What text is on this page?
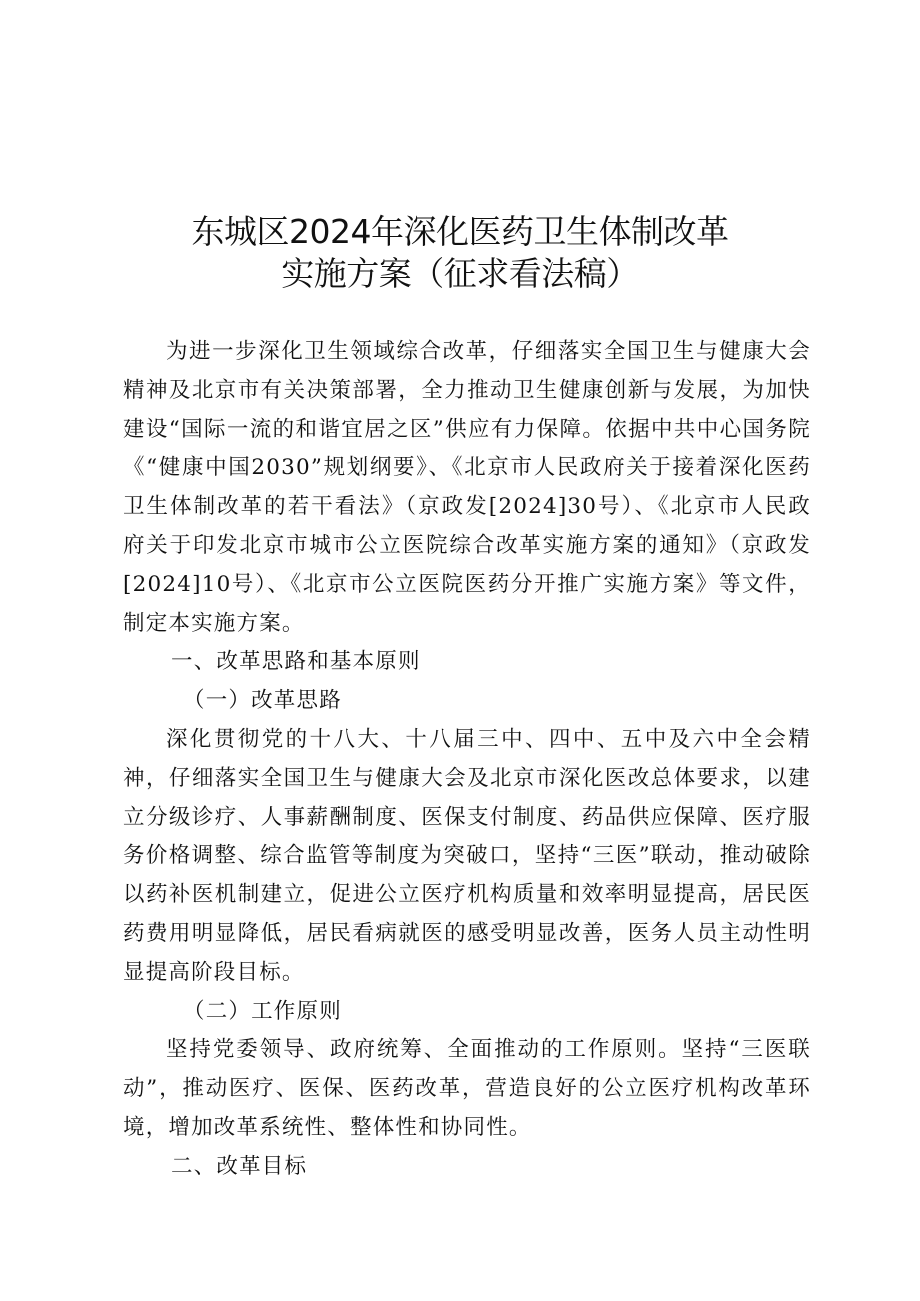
东城区2024年深化医药卫生体制改革
实施方案（征求看法稿）

为进一步深化卫生领域综合改革，仔细落实全国卫生与健康大会精神及北京市有关决策部署，全力推动卫生健康创新与发展，为加快建设“国际一流的和谐宜居之区”供应有力保障。依据中共中心国务院《“健康中国2030”规划纲要》、《北京市人民政府关于接着深化医药卫生体制改革的若干看法》（京政发[2024]30号）、《北京市人民政府关于印发北京市城市公立医院综合改革实施方案的通知》（京政发[2024]10号）、《北京市公立医院医药分开推广实施方案》等文件，制定本实施方案。

一、改革思路和基本原则

（一）改革思路

深化贯彻党的十八大、十八届三中、四中、五中及六中全会精神，仔细落实全国卫生与健康大会及北京市深化医改总体要求，以建立分级诊疗、人事薪酬制度、医保支付制度、药品供应保障、医疗服务价格调整、综合监管等制度为突破口，坚持“三医”联动，推动破除以药补医机制建立，促进公立医疗机构质量和效率明显提高，居民医药费用明显降低，居民看病就医的感受明显改善，医务人员主动性明显提高阶段目标。

（二）工作原则

坚持党委领导、政府统筹、全面推动的工作原则。坚持“三医联动”，推动医疗、医保、医药改革，营造良好的公立医疗机构改革环境，增加改革系统性、整体性和协同性。

二、改革目标
